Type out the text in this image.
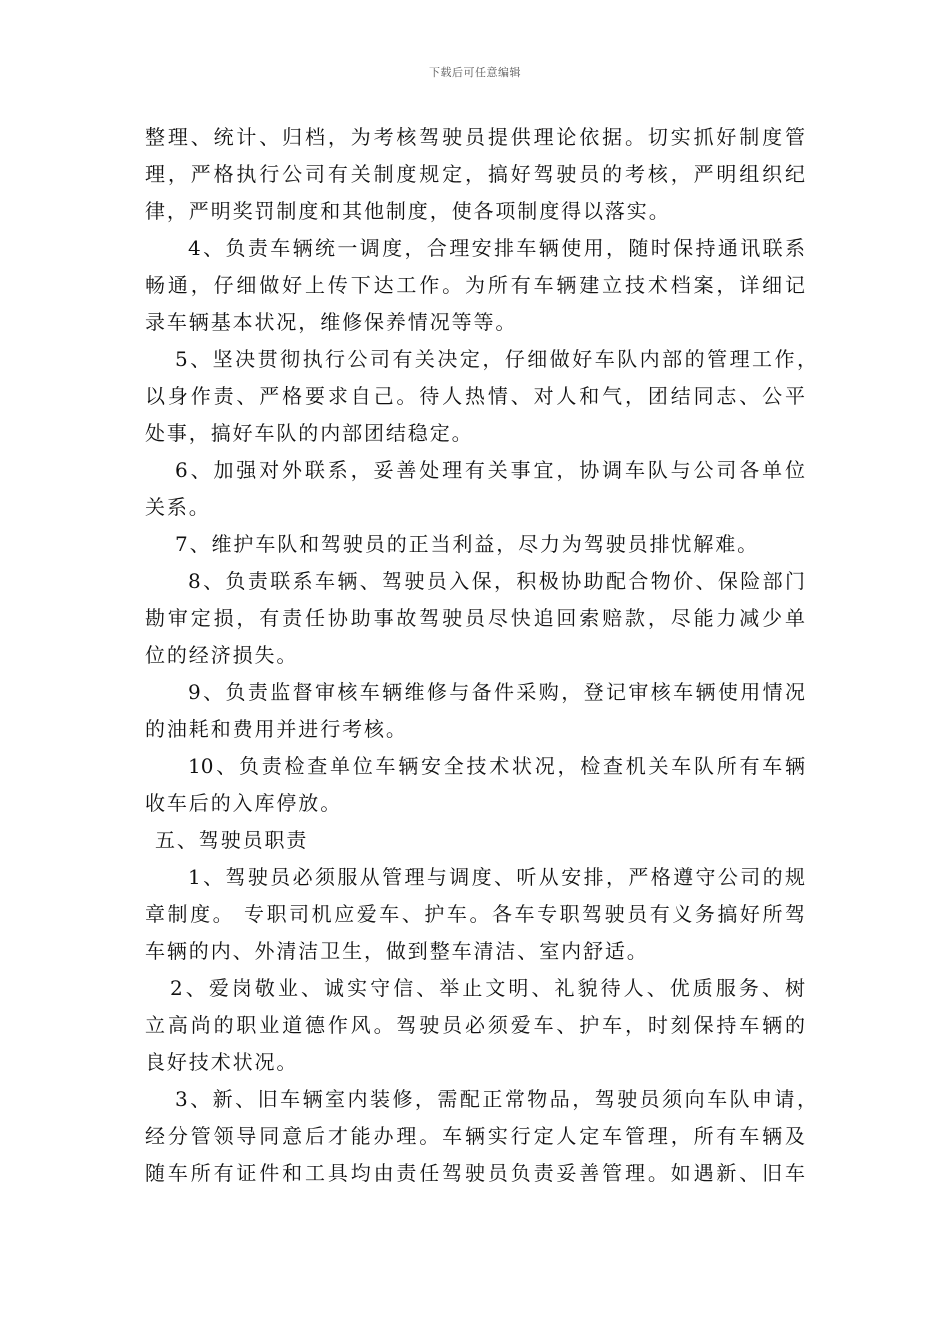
下载后可任意编辑
整理、统计、归档，为考核驾驶员提供理论依据。切实抓好制度管
理，严格执行公司有关制度规定，搞好驾驶员的考核，严明组织纪
律，严明奖罚制度和其他制度，使各项制度得以落实。
4、负责车辆统一调度，合理安排车辆使用，随时保持通讯联系
畅通，仔细做好上传下达工作。为所有车辆建立技术档案，详细记
录车辆基本状况，维修保养情况等等。
5、坚决贯彻执行公司有关决定，仔细做好车队内部的管理工作，
以身作责、严格要求自己。待人热情、对人和气，团结同志、公平
处事，搞好车队的内部团结稳定。
6、加强对外联系，妥善处理有关事宜，协调车队与公司各单位
关系。
7、维护车队和驾驶员的正当利益，尽力为驾驶员排忧解难。
8、负责联系车辆、驾驶员入保，积极协助配合物价、保险部门
勘审定损，有责任协助事故驾驶员尽快追回索赔款，尽能力减少单
位的经济损失。
9、负责监督审核车辆维修与备件采购，登记审核车辆使用情况
的油耗和费用并进行考核。
10、负责检查单位车辆安全技术状况，检查机关车队所有车辆
收车后的入库停放。
五、驾驶员职责
1、驾驶员必须服从管理与调度、听从安排，严格遵守公司的规
章制度。 专职司机应爱车、护车。各车专职驾驶员有义务搞好所驾
车辆的内、外清洁卫生，做到整车清洁、室内舒适。
2、爱岗敬业、诚实守信、举止文明、礼貌待人、优质服务、树
立高尚的职业道德作风。驾驶员必须爱车、护车，时刻保持车辆的
良好技术状况。
3、新、旧车辆室内装修，需配正常物品，驾驶员须向车队申请，
经分管领导同意后才能办理。车辆实行定人定车管理，所有车辆及
随车所有证件和工具均由责任驾驶员负责妥善管理。如遇新、旧车
